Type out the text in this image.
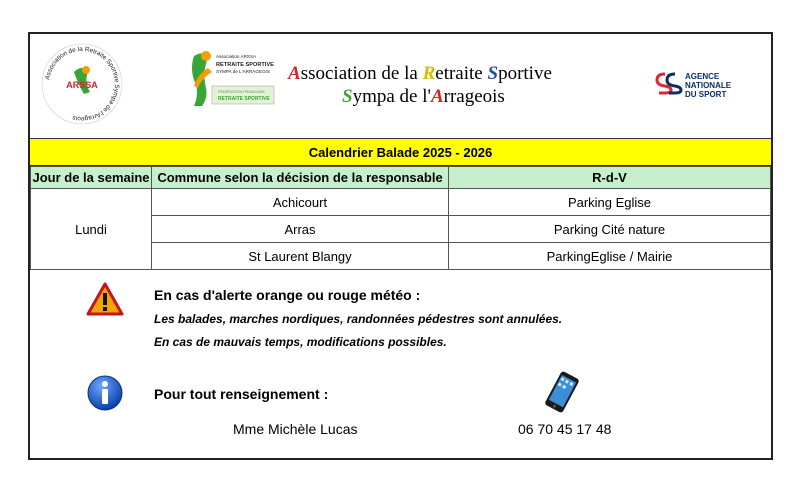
Association de la Retraite Sportive Sympa de l'Arrageois
ARSSA
Association ARSSA
RETRAITE SPORTIVE
SYMPA de L'ARRAGEOIS
FEDERATION FRANCAISE
RETRAITE SPORTIVE
Association de la Retraite Sportive
Sympa de l'Arrageois
AGENCE
NATIONALE
DU SPORT
Calendrier Balade 2025 - 2026
Jour de la semaine	Commune selon la décision de la responsable	R-d-V
Lundi	Achicourt	Parking Eglise
	Arras	Parking Cité nature
	St Laurent Blangy	ParkingEglise / Mairie
En cas d'alerte orange ou rouge météo :
Les balades, marches nordiques, randonnées pédestres sont annulées.
En cas de mauvais temps, modifications possibles.
Pour tout renseignement :
Mme Michèle Lucas	06 70 45 17 48
